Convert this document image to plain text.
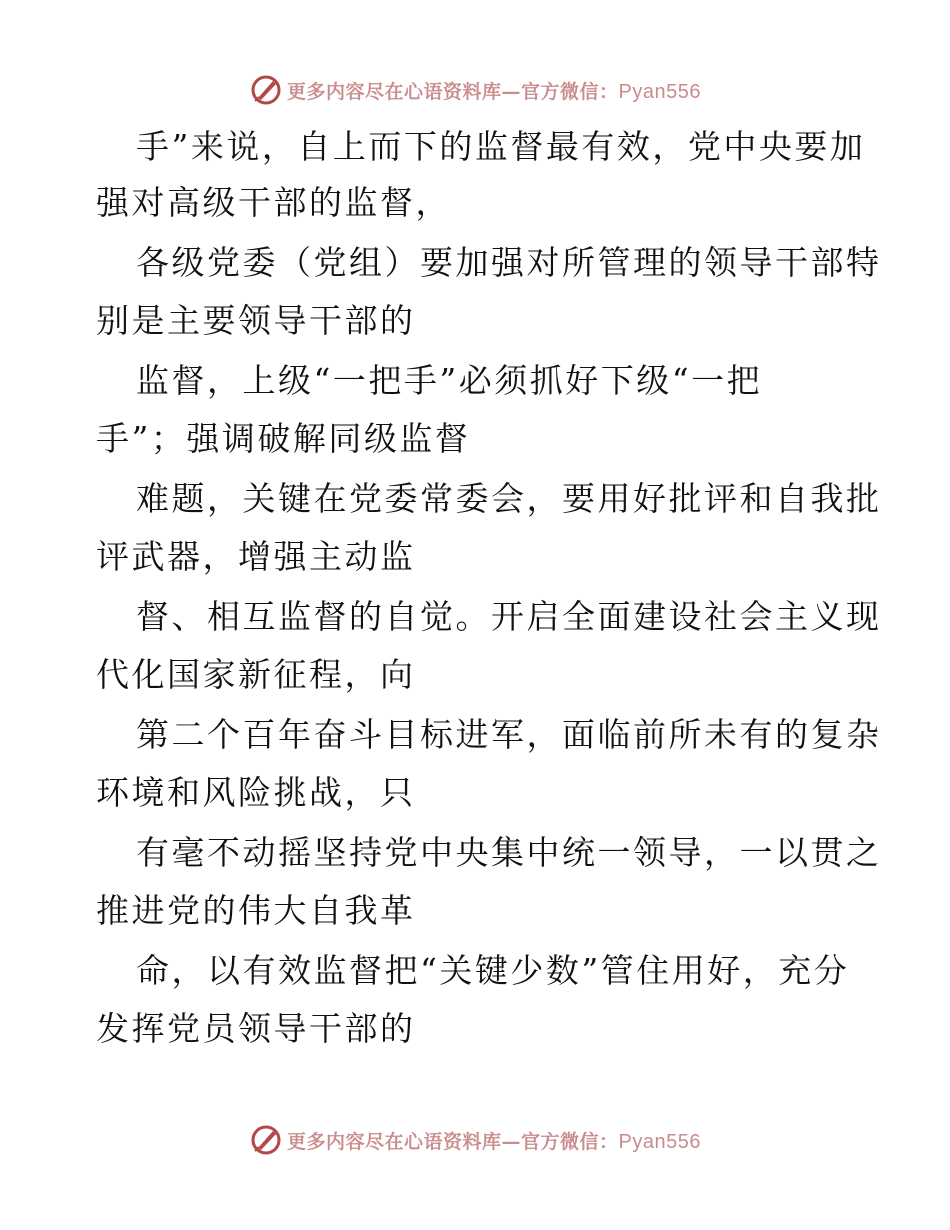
更多内容尽在心语资料库—官方微信：Pyan556
手”来说，自上而下的监督最有效，党中央要加
强对高级干部的监督，
各级党委（党组）要加强对所管理的领导干部特
别是主要领导干部的
监督，上级“一把手”必须抓好下级“一把
手”；强调破解同级监督
难题，关键在党委常委会，要用好批评和自我批
评武器，增强主动监
督、相互监督的自觉。开启全面建设社会主义现
代化国家新征程，向
第二个百年奋斗目标进军，面临前所未有的复杂
环境和风险挑战，只
有毫不动摇坚持党中央集中统一领导，一以贯之
推进党的伟大自我革
命，以有效监督把“关键少数”管住用好，充分
发挥党员领导干部的
更多内容尽在心语资料库—官方微信：Pyan556
